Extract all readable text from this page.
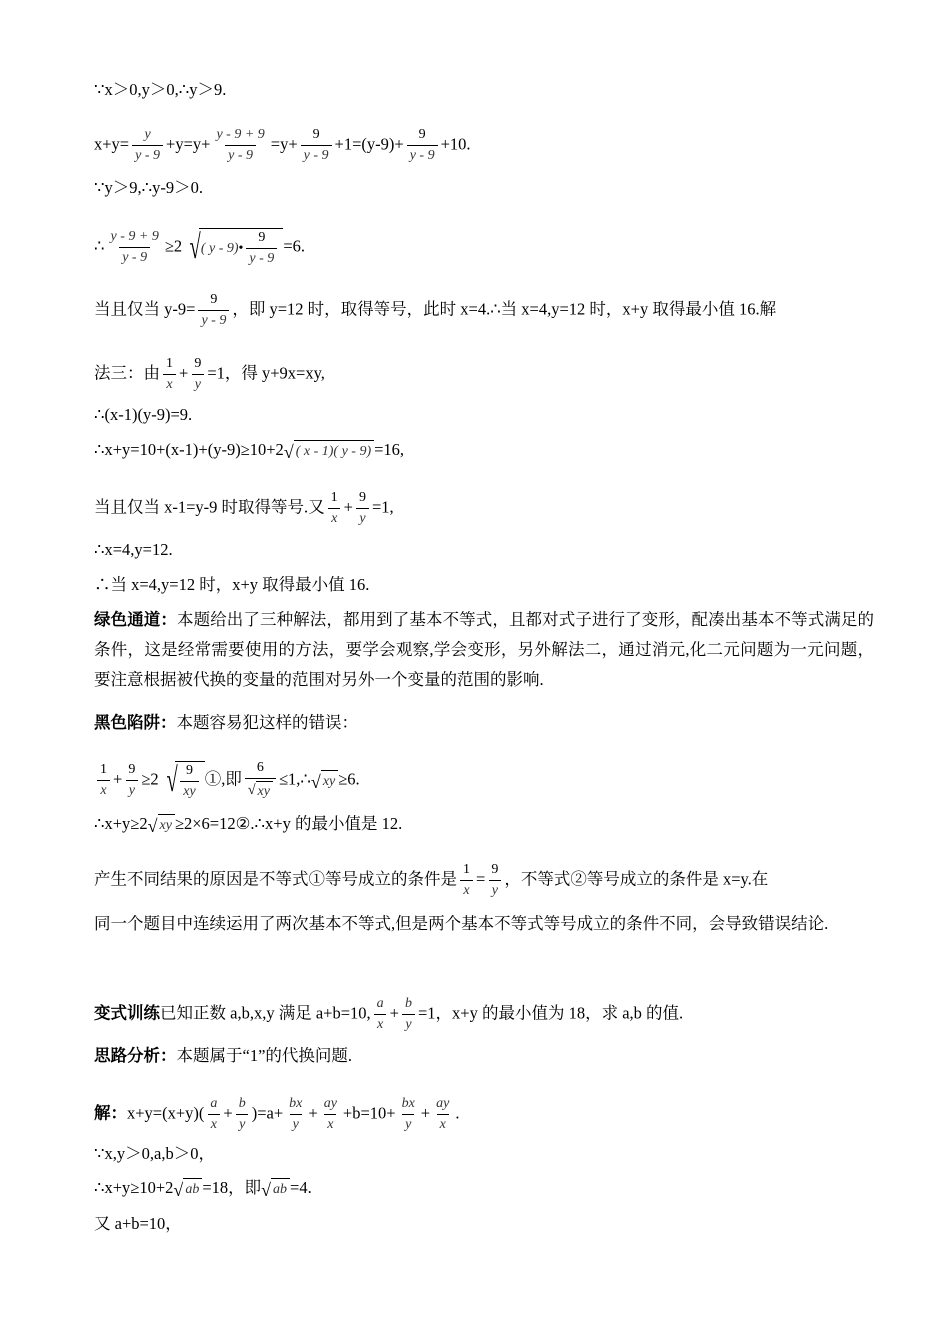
∵x＞0,y＞0,∴y＞9.
$x+y= \frac{y}{y - 9} +y=y+ \frac{y - 9 + 9}{y - 9} =y+ \frac{9}{y - 9} +1=(y-9)+ \frac{9}{y - 9} +10$.
∵y＞9,∴y-9＞0.
∴ $\frac{y - 9 + 9}{y - 9} \ge 2$ √ ( y - 9) • $\frac{9}{y - 9} =6$.
当且仅当 $y-9= \frac{9}{y - 9}$ ，即 y=12 时，取得等号，此时 x=4.∴当 x=4,y=12 时，x+y 取得最小值 16.解
法三：由 $\frac{1}{x} + \frac{9}{y} =1$，得 y+9x=xy,
∴(x-1)(y-9)=9.
∴x+y=10+(x-1)+(y-9)≥10+2 √ ( x - 1)( y - 9) =16,
当且仅当 x-1=y-9 时取得等号.又 $\frac{1}{x} + \frac{9}{y} =1$,
∴x=4,y=12.
∴当 x=4,y=12 时，x+y 取得最小值 16.
绿色通道：本题给出了三种解法，都用到了基本不等式，且都对式子进行了变形，配凑出基本不等式满足的条件，这是经常需要使用的方法，要学会观察,学会变形，另外解法二，通过消元,化二元问题为一元问题，要注意根据被代换的变量的范围对另外一个变量的范围的影响.
黑色陷阱：本题容易犯这样的错误：
$\frac{1}{x} + \frac{9}{y} \ge 2$ √ $\frac{9}{xy}$ ①,即 $\frac{6}{√ xy}$ ≤1,∴ √ xy ≥6.
∴x+y≥2 √ xy ≥2×6=12②.∴x+y 的最小值是 12.
产生不同结果的原因是不等式①等号成立的条件是 $\frac{1}{x} = \frac{9}{y}$ ，不等式②等号成立的条件是 x=y.在
同一个题目中连续运用了两次基本不等式,但是两个基本不等式等号成立的条件不同，会导致错误结论.
变式训练已知正数 a,b,x,y 满足 a+b=10, $\frac{a}{x} + \frac{b}{y} =1$，x+y 的最小值为 18，求 a,b 的值.
思路分析：本题属于“1”的代换问题.
解：$x+y=(x+y)( \frac{a}{x} + \frac{b}{y} )=a+ \frac{bx}{y} + \frac{ay}{x} +b=10+ \frac{bx}{y} + \frac{ay}{x}$ .
∵x,y＞0,a,b＞0，
∴x+y≥10+2 √ ab =18，即 √ ab =4.
又 a+b=10，
